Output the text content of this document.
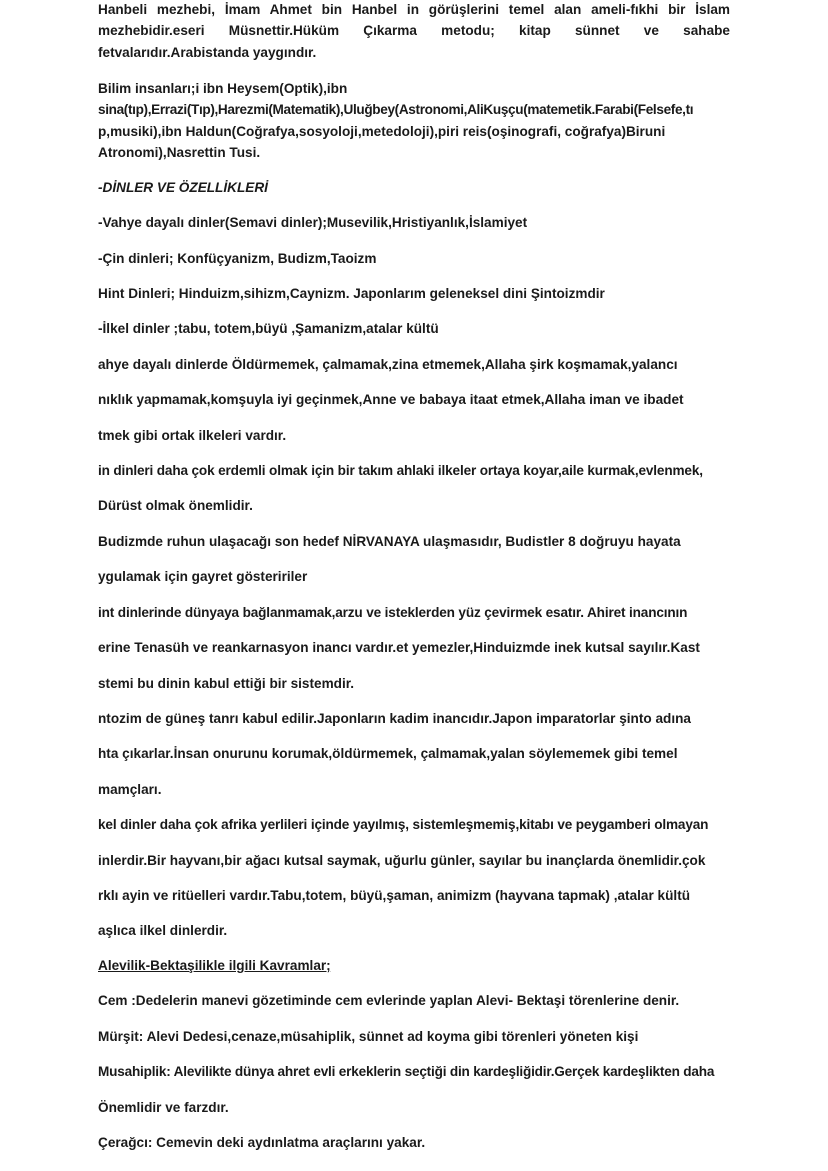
Hanbeli mezhebi, İmam Ahmet bin Hanbel in görüşlerini temel alan ameli-fıkhi bir İslam
mezhebidir.eseri Müsnettir.Hüküm Çıkarma metodu; kitap sünnet ve sahabe
fetvalarıdır.Arabistanda yaygındır.
Bilim insanları;i ibn Heysem(Optik),ibn
sina(tıp),Errazi(Tıp),Harezmi(Matematik),Uluğbey(Astronomi,AliKuşçu(matemetik.Farabi(Felsefe,tı
p,musiki),ibn Haldun(Coğrafya,sosyoloji,metedoloji),piri reis(oşinografi, coğrafya)Biruni
Atronomi),Nasrettin Tusi.
-DİNLER VE ÖZELLİKLERİ
-Vahye dayalı dinler(Semavi dinler);Musevilik,Hristiyanlık,İslamiyet
-Çin dinleri; Konfüçyanizm, Budizm,Taoizm
Hint Dinleri; Hinduizm,sihizm,Caynizm. Japonlarım geleneksel dini Şintoizmdir
-İlkel dinler ;tabu, totem,büyü ,Şamanizm,atalar kültü
ahye dayalı dinlerde Öldürmemek, çalmamak,zina etmemek,Allaha şirk koşmamak,yalancı
nıklık yapmamak,komşuyla iyi geçinmek,Anne ve babaya itaat etmek,Allaha iman ve ibadet
tmek gibi ortak ilkeleri vardır.
in dinleri daha çok erdemli olmak için bir takım ahlaki ilkeler ortaya koyar,aile kurmak,evlenmek,
Dürüst olmak önemlidir.
Budizmde ruhun ulaşacağı son hedef NİRVANAYA ulaşmasıdır, Budistler 8 doğruyu hayata
ygulamak için gayret gösteririler
int dinlerinde dünyaya bağlanmamak,arzu ve isteklerden yüz çevirmek esatır. Ahiret inancının
erine Tenasüh ve reankarnasyon inancı vardır.et yemezler,Hinduizmde inek kutsal sayılır.Kast
stemi bu dinin kabul ettiği bir sistemdir.
ntozim de güneş tanrı kabul edilir.Japonların kadim inancıdır.Japon imparatorlar şinto adına
hta çıkarlar.İnsan onurunu korumak,öldürmemek, çalmamak,yalan söylememek gibi temel
mamçları.
kel dinler daha çok afrika yerlileri içinde yayılmış, sistemleşmemiş,kitabı ve peygamberi olmayan
inlerdir.Bir hayvanı,bir ağacı kutsal saymak, uğurlu günler, sayılar bu inançlarda önemlidir.çok
rklı ayin ve ritüelleri vardır.Tabu,totem, büyü,şaman, animizm (hayvana tapmak) ,atalar kültü
aşlıca ilkel dinlerdir.
Alevilik-Bektaşilikle ilgili Kavramlar;
Cem :Dedelerin manevi gözetiminde cem evlerinde yaplan Alevi- Bektaşi törenlerine denir.
Mürşit: Alevi Dedesi,cenaze,müsahiplik, sünnet ad koyma gibi törenleri yöneten kişi
Musahiplik: Alevilikte dünya ahret evli erkeklerin seçtiği din kardeşliğidir.Gerçek kardeşlikten daha
Önemlidir ve farzdır.
Çerağcı: Cemevin deki aydınlatma araçlarını yakar.
